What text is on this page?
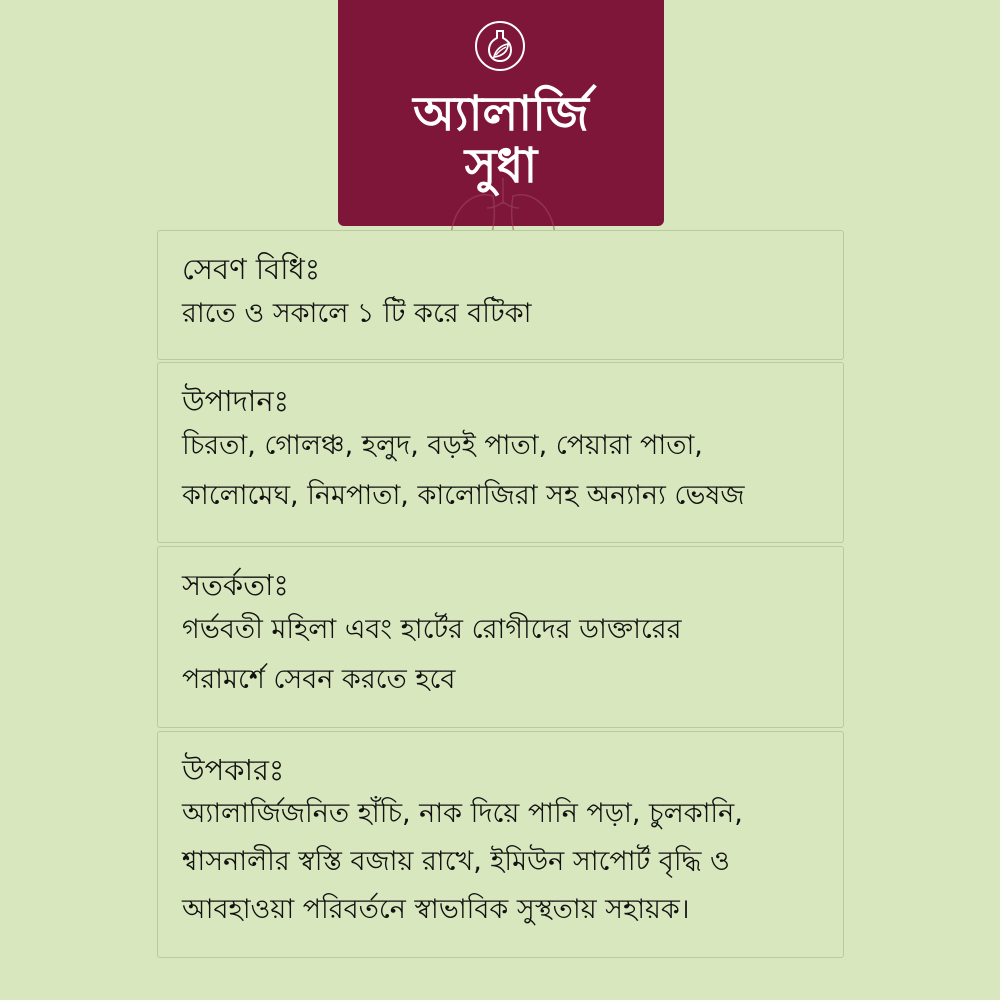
অ্যালার্জি
সুধা

সেবণ বিধিঃ

রাতে ও সকালে ১ টি করে বটিকা

উপাদানঃ

চিরতা, গোলঞ্চ, হলুদ, বড়ই পাতা, পেয়ারা পাতা,

কালোমেঘ, নিমপাতা, কালোজিরা সহ অন্যান্য ভেষজ

সতর্কতাঃ

গর্ভবতী মহিলা এবং হার্টের রোগীদের ডাক্তারের

পরামর্শে সেবন করতে হবে

উপকারঃ

অ্যালার্জিজনিত হাঁচি, নাক দিয়ে পানি পড়া, চুলকানি,

শ্বাসনালীর স্বস্তি বজায় রাখে, ইমিউন সাপোর্ট বৃদ্ধি ও

আবহাওয়া পরিবর্তনে স্বাভাবিক সুস্থতায় সহায়ক।
